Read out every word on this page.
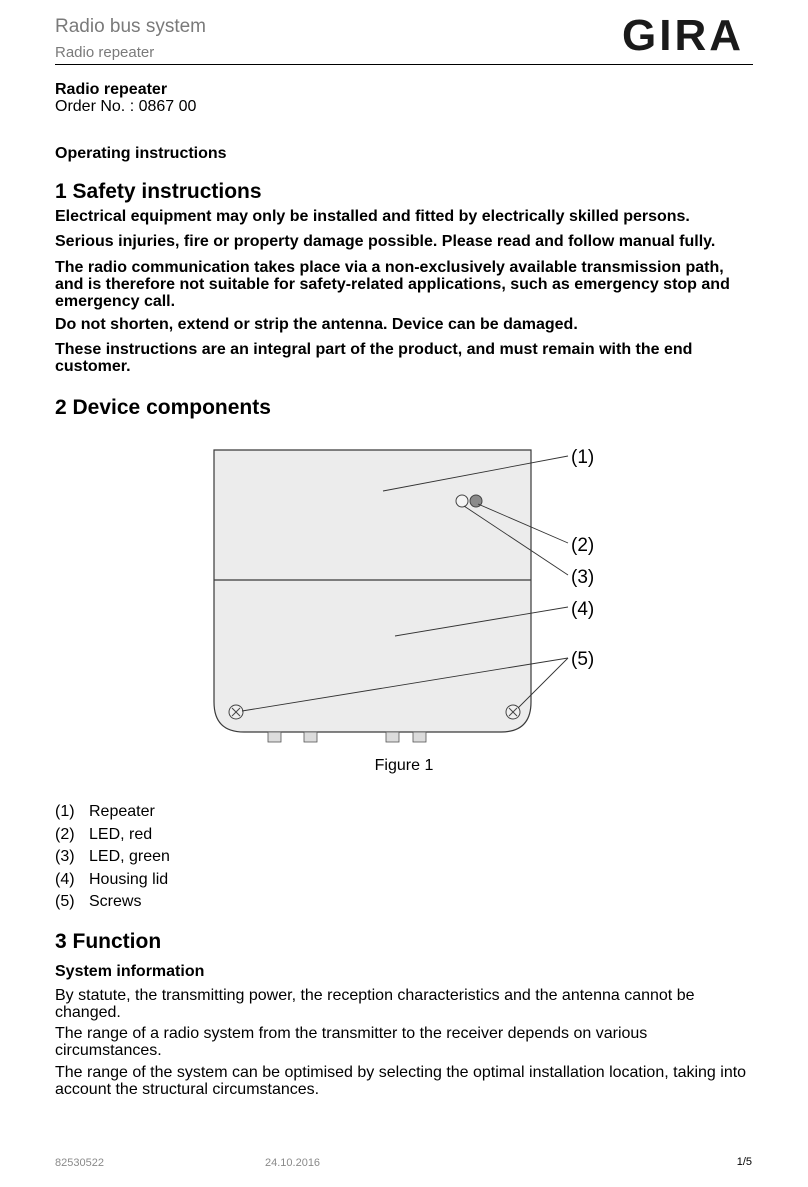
Radio bus system
Radio repeater	GIRA
Radio repeater
Order No. : 0867 00
Operating instructions
1 Safety instructions

Electrical equipment may only be installed and fitted by electrically skilled persons.

Serious injuries, fire or property damage possible. Please read and follow manual fully.

The radio communication takes place via a non-exclusively available transmission path, and is therefore not suitable for safety-related applications, such as emergency stop and emergency call.

Do not shorten, extend or strip the antenna. Device can be damaged.

These instructions are an integral part of the product, and must remain with the end customer.

2 Device components
(1)
(2)
(3)
(4)
(5)
Figure 1
(1) Repeater
(2) LED, red
(3) LED, green
(4) Housing lid
(5) Screws
3 Function
System information

By statute, the transmitting power, the reception characteristics and the antenna cannot be changed.

The range of a radio system from the transmitter to the receiver depends on various circumstances.

The range of the system can be optimised by selecting the optimal installation location, taking into account the structural circumstances.

82530522	24.10.2016	1/5
